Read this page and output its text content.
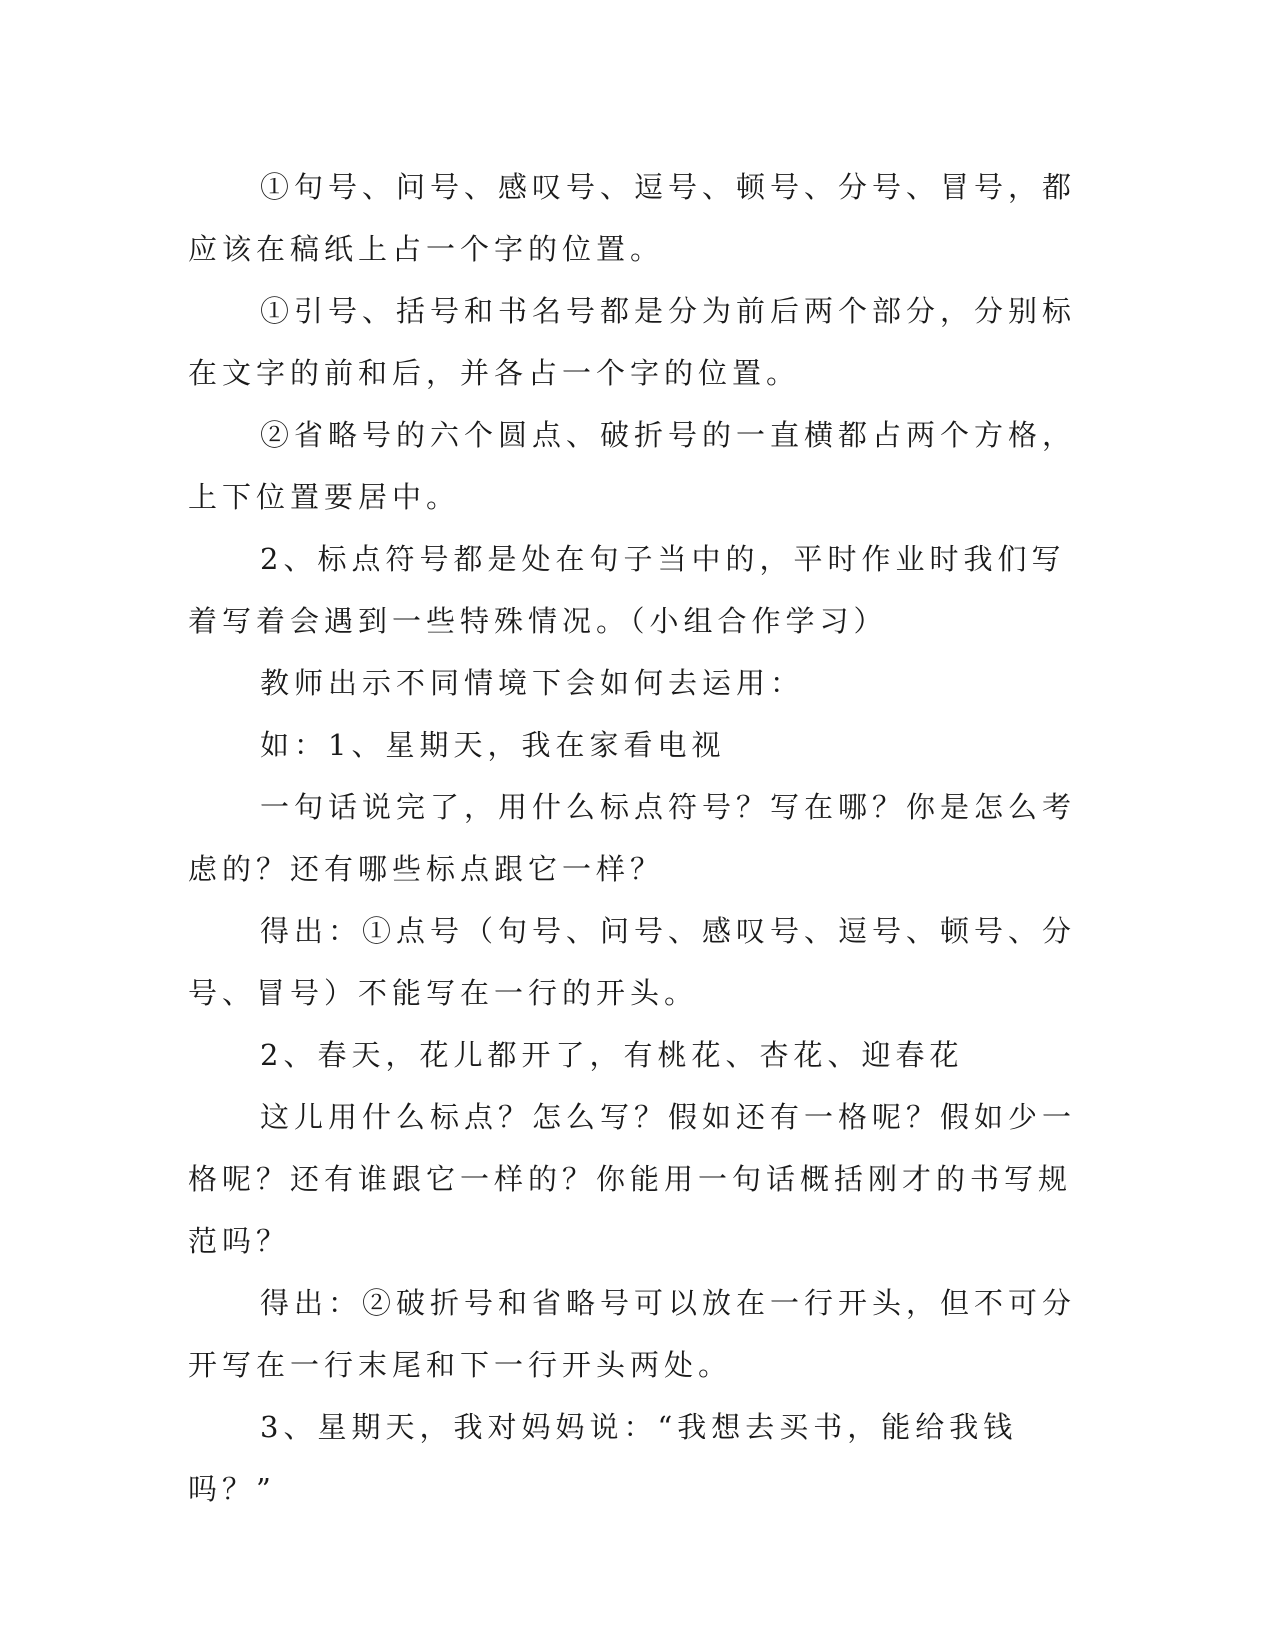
①句号、问号、感叹号、逗号、顿号、分号、冒号，都应该在稿纸上占一个字的位置。

①引号、括号和书名号都是分为前后两个部分，分别标在文字的前和后，并各占一个字的位置。

②省略号的六个圆点、破折号的一直横都占两个方格，上下位置要居中。

2、标点符号都是处在句子当中的，平时作业时我们写着写着会遇到一些特殊情况。（小组合作学习）

教师出示不同情境下会如何去运用：

如：1、星期天，我在家看电视

一句话说完了，用什么标点符号？写在哪？你是怎么考虑的？还有哪些标点跟它一样？

得出：①点号（句号、问号、感叹号、逗号、顿号、分号、冒号）不能写在一行的开头。

2、春天，花儿都开了，有桃花、杏花、迎春花

这儿用什么标点？怎么写？假如还有一格呢？假如少一格呢？还有谁跟它一样的？你能用一句话概括刚才的书写规范吗？

得出：②破折号和省略号可以放在一行开头，但不可分开写在一行末尾和下一行开头两处。

3、星期天，我对妈妈说：“我想去买书，能给我钱吗？”
